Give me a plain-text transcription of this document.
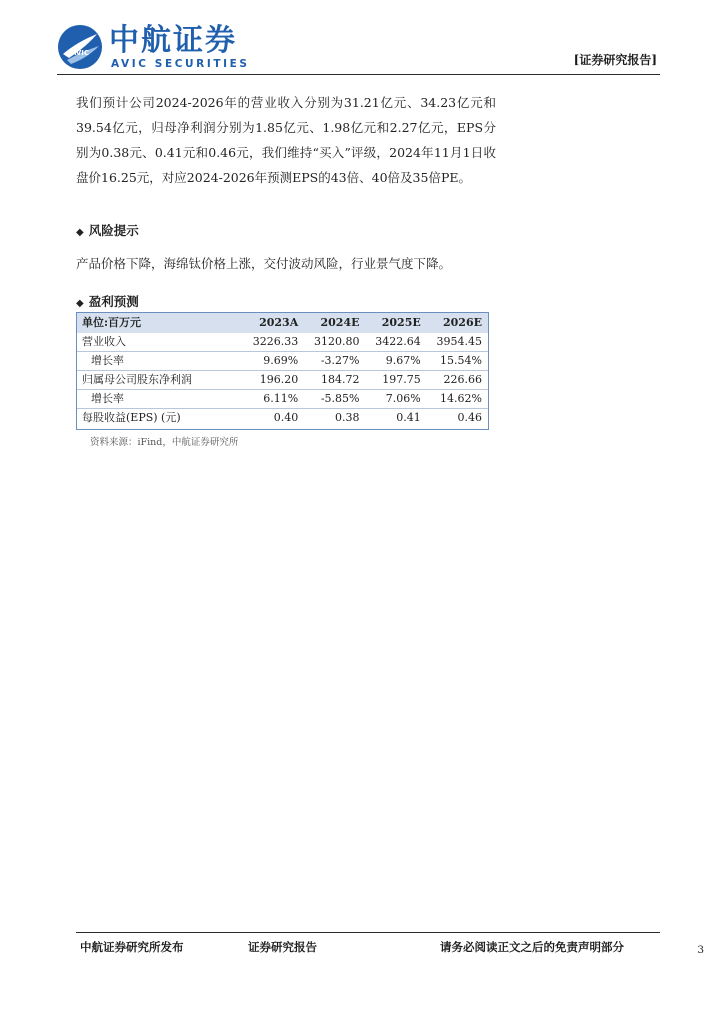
AVIC 中航证券
AVIC SECURITIES	[证券研究报告]
我们预计公司2024-2026年的营业收入分别为31.21亿元、34.23亿元和39.54亿元，归母净利润分别为1.85亿元、1.98亿元和2.27亿元，EPS分别为0.38元、0.41元和0.46元，我们维持“买入”评级，2024年11月1日收盘价16.25元，对应2024-2026年预测EPS的43倍、40倍及35倍PE。
◆ 风险提示
产品价格下降，海绵钛价格上涨，交付波动风险，行业景气度下降。
◆ 盈利预测
单位:百万元	2023A	2024E	2025E	2026E
营业收入	3226.33	3120.80	3422.64	3954.45
增长率	9.69%	-3.27%	9.67%	15.54%
归属母公司股东净利润	196.20	184.72	197.75	226.66
增长率	6.11%	-5.85%	7.06%	14.62%
每股收益(EPS) (元)	0.40	0.38	0.41	0.46
资料来源：iFind，中航证券研究所
中航证券研究所发布	证券研究报告	请务必阅读正文之后的免责声明部分	3
